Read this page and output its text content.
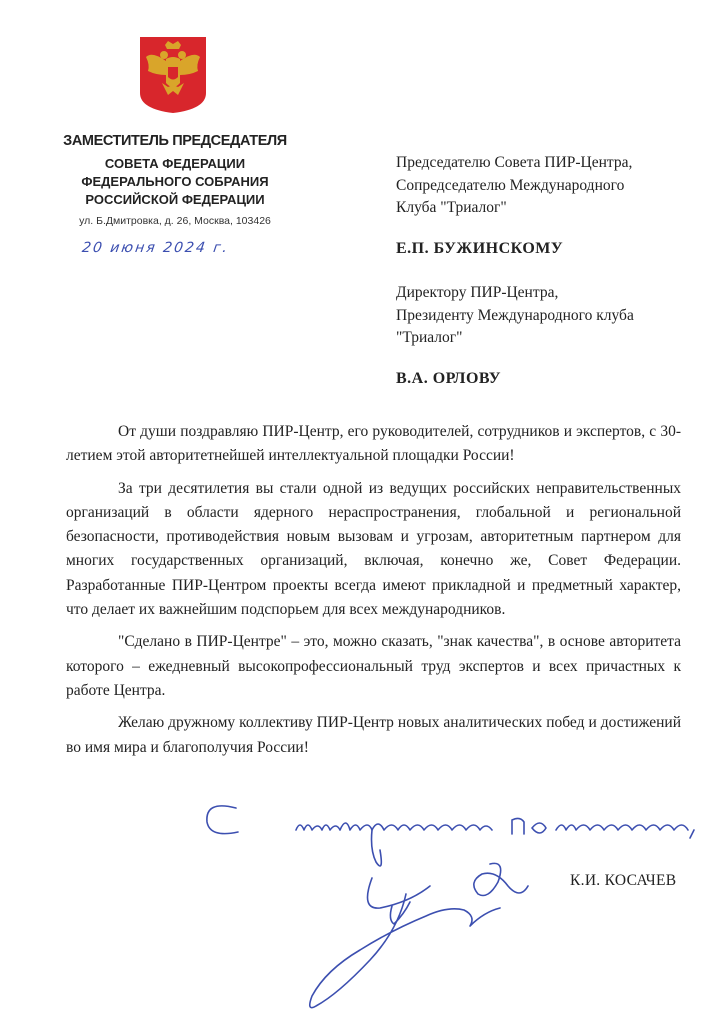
ЗАМЕСТИТЕЛЬ ПРЕДСЕДАТЕЛЯ
СОВЕТА ФЕДЕРАЦИИ
ФЕДЕРАЛЬНОГО СОБРАНИЯ
РОССИЙСКОЙ ФЕДЕРАЦИИ
ул. Б.Дмитровка, д. 26, Москва, 103426
20 июня 2024 г.
Председателю Совета ПИР-Центра,
Сопредседателю Международного
Клуба "Триалог"
Е.П. БУЖИНСКОМУ
Директору ПИР-Центра,
Президенту Международного клуба
"Триалог"
В.А. ОРЛОВУ

От души поздравляю ПИР-Центр, его руководителей, сотрудников и экспертов, с 30-летием этой авторитетнейшей интеллектуальной площадки России!

За три десятилетия вы стали одной из ведущих российских неправительственных организаций в области ядерного нераспространения, глобальной и региональной безопасности, противодействия новым вызовам и угрозам, авторитетным партнером для многих государственных организаций, включая, конечно же, Совет Федерации. Разработанные ПИР-Центром проекты всегда имеют прикладной и предметный характер, что делает их важнейшим подспорьем для всех международников.

"Сделано в ПИР-Центре" – это, можно сказать, "знак качества", в основе авторитета которого – ежедневный высокопрофессиональный труд экспертов и всех причастных к работе Центра.

Желаю дружному коллективу ПИР-Центр новых аналитических побед и достижений во имя мира и благополучия России!

К.И. КОСАЧЕВ
